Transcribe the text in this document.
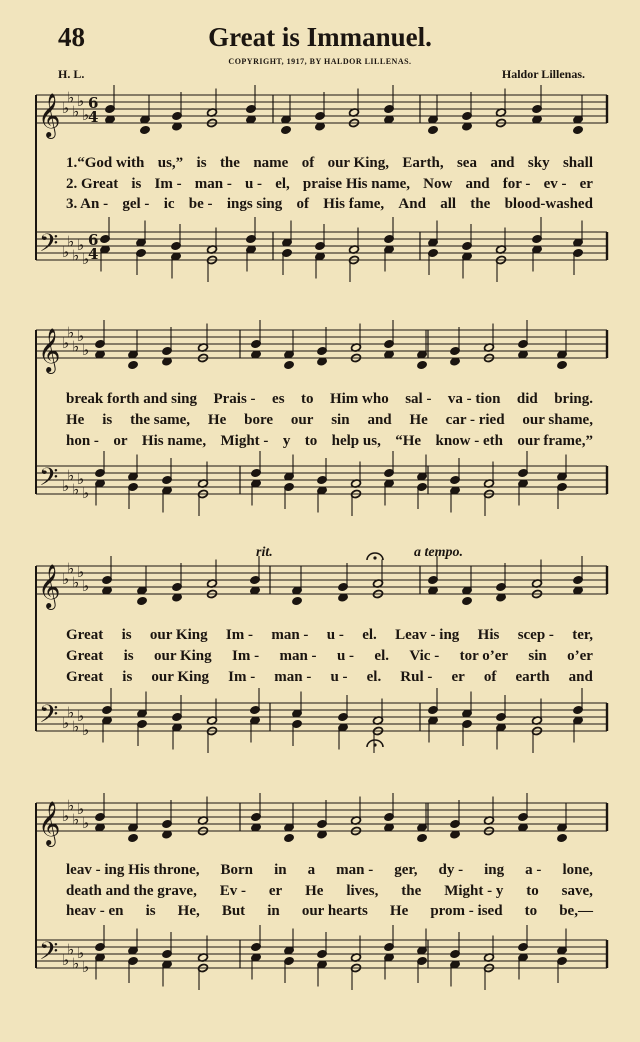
48	Great is Immanuel.
COPYRIGHT, 1917, BY HALDOR LILLENAS.
H. L.	Haldor Lillenas.
𝄞
𝄢
♭
♭
♭
♭
♭
♭
♭
♭
♭
♭
6
4
6
4
𝄞
𝄢
♭
♭
♭
♭
♭
♭
♭
♭
♭
♭
𝄞
𝄢
♭
♭
♭
♭
♭
♭
♭
♭
♭
♭
𝄞
𝄢
♭
♭
♭
♭
♭
♭
♭
♭
♭
♭
rit.	a tempo.
1.“God with us,” is the name of our King, Earth, sea and sky shall
2. Great is Im - man - u - el, praise His name, Now and for - ev - er
3. An - gel - ic be - ings sing of His fame, And all the blood-washed
break forth and sing Prais - es to Him who sal - va - tion did bring.
He is the same, He bore our sin and He car - ried our shame,
hon - or His name, Might - y to help us, “He know - eth our frame,”
Great is our King Im - man - u - el. Leav - ing His scep - ter,
Great is our King Im - man - u - el. Vic - tor o’er sin o’er
Great is our King Im - man - u - el. Rul - er of earth and
leav - ing His throne, Born in a man - ger, dy - ing a - lone,
death and the grave, Ev - er He lives, the Might - y to save,
heav - en is He, But in our hearts He prom - ised to be,—
